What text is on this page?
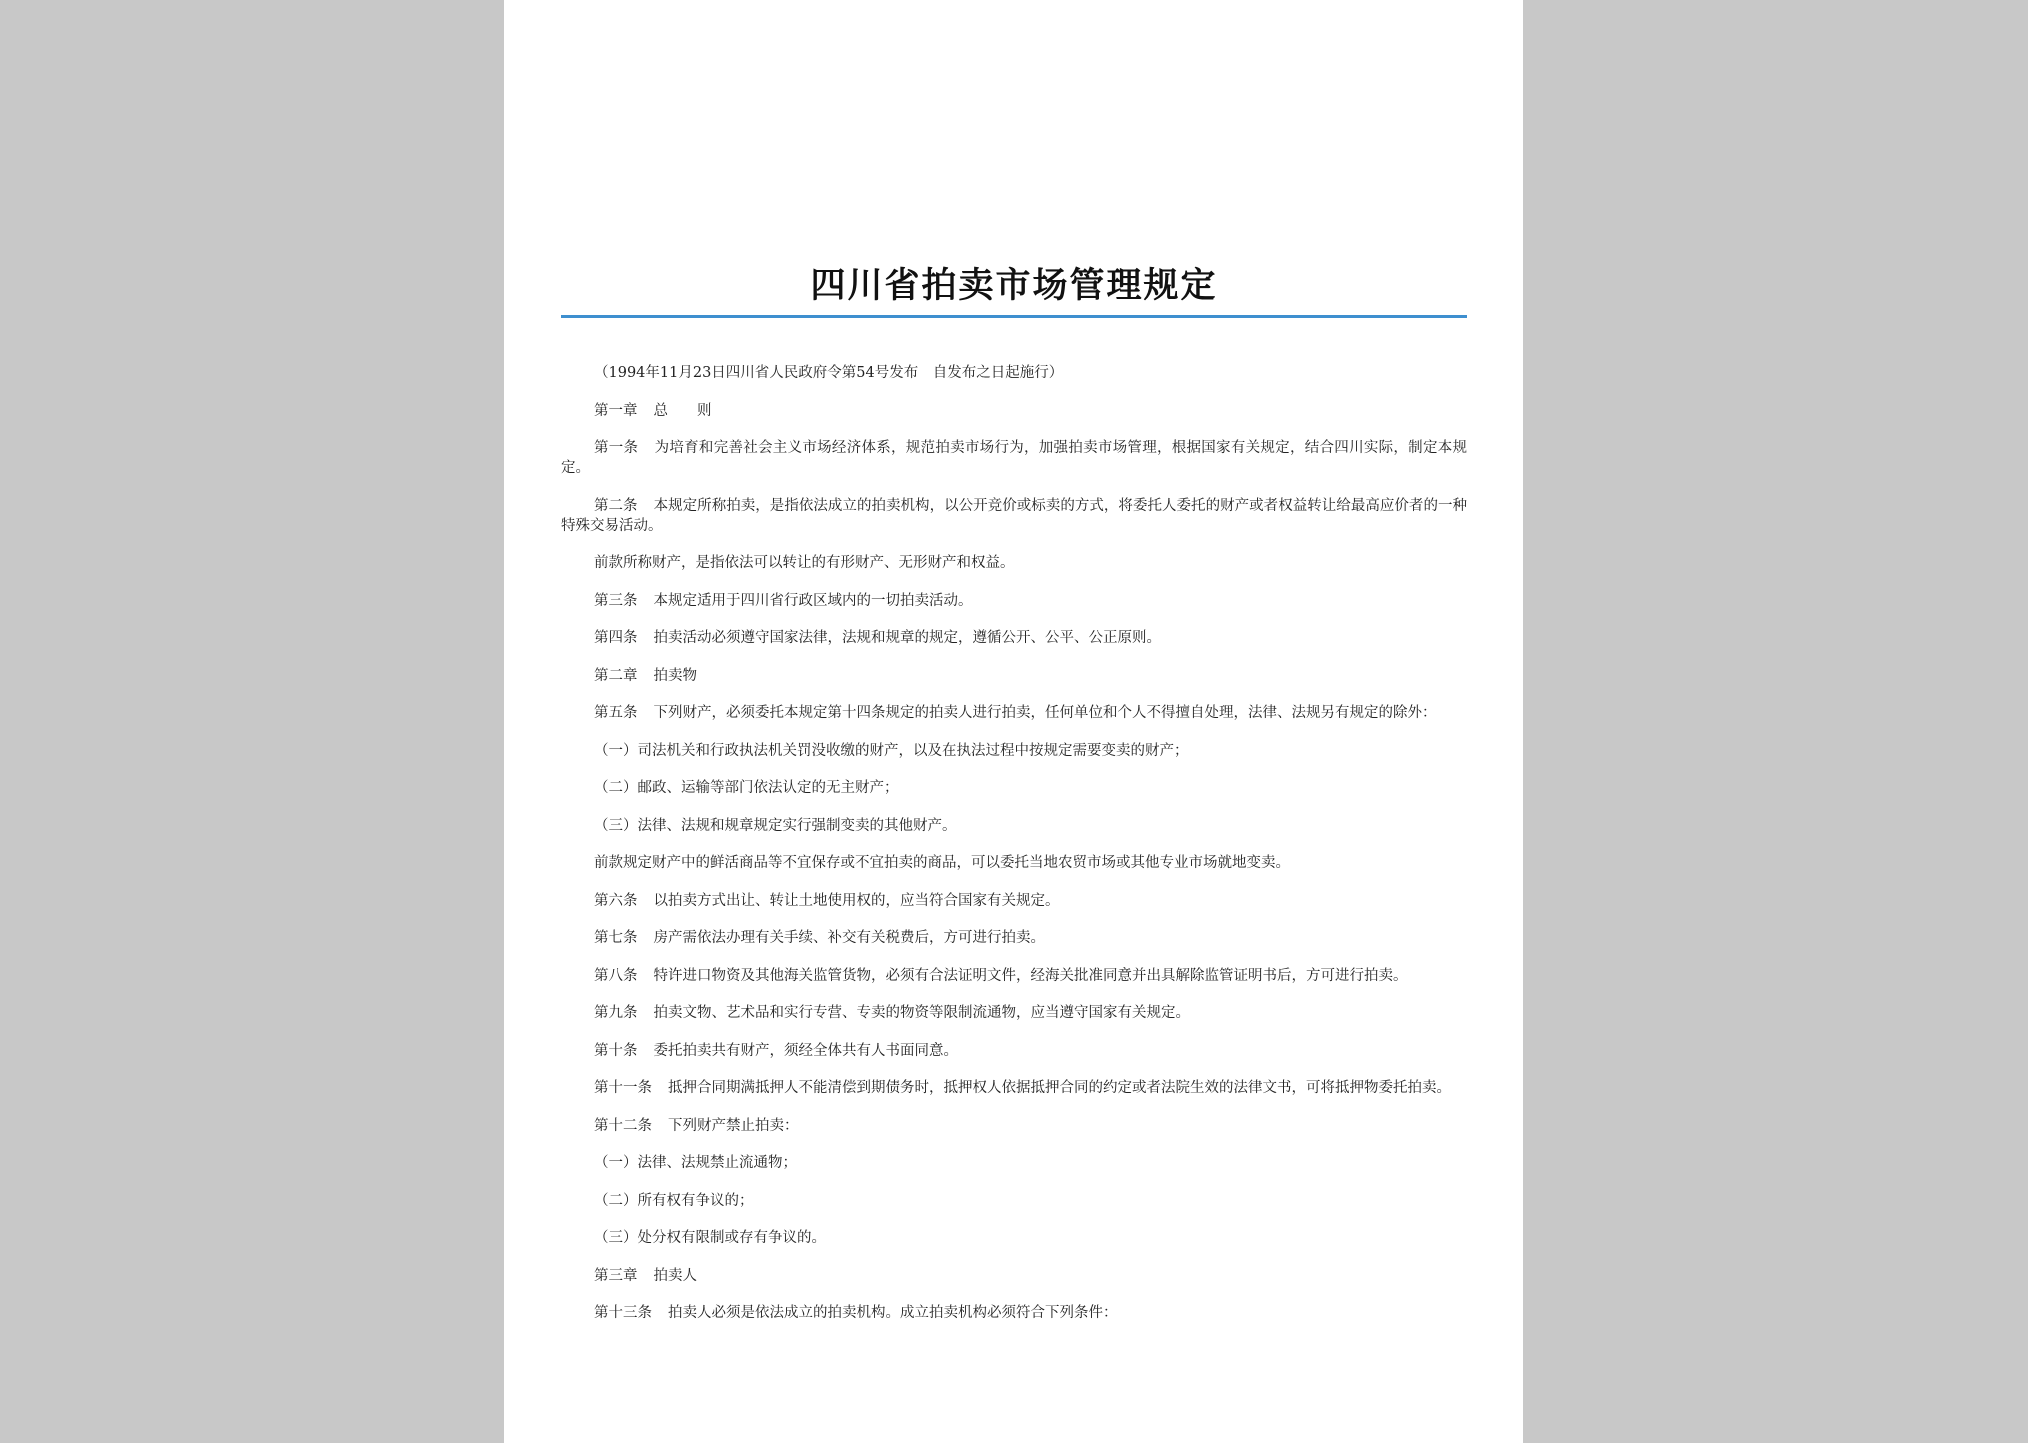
四川省拍卖市场管理规定

（1994年11月23日四川省人民政府令第54号发布　自发布之日起施行）

第一章 总　　则

第一条 为培育和完善社会主义市场经济体系，规范拍卖市场行为，加强拍卖市场管理，根据国家有关规定，结合四川实际，制定本规定。

第二条 本规定所称拍卖，是指依法成立的拍卖机构，以公开竞价或标卖的方式，将委托人委托的财产或者权益转让给最高应价者的一种特殊交易活动。

前款所称财产，是指依法可以转让的有形财产、无形财产和权益。

第三条 本规定适用于四川省行政区域内的一切拍卖活动。

第四条 拍卖活动必须遵守国家法律，法规和规章的规定，遵循公开、公平、公正原则。

第二章 拍卖物

第五条 下列财产，必须委托本规定第十四条规定的拍卖人进行拍卖，任何单位和个人不得擅自处理，法律、法规另有规定的除外：

（一）司法机关和行政执法机关罚没收缴的财产，以及在执法过程中按规定需要变卖的财产；

（二）邮政、运输等部门依法认定的无主财产；

（三）法律、法规和规章规定实行强制变卖的其他财产。

前款规定财产中的鲜活商品等不宜保存或不宜拍卖的商品，可以委托当地农贸市场或其他专业市场就地变卖。

第六条 以拍卖方式出让、转让土地使用权的，应当符合国家有关规定。

第七条 房产需依法办理有关手续、补交有关税费后，方可进行拍卖。

第八条 特许进口物资及其他海关监管货物，必须有合法证明文件，经海关批准同意并出具解除监管证明书后，方可进行拍卖。

第九条 拍卖文物、艺术品和实行专营、专卖的物资等限制流通物，应当遵守国家有关规定。

第十条 委托拍卖共有财产，须经全体共有人书面同意。

第十一条 抵押合同期满抵押人不能清偿到期债务时，抵押权人依据抵押合同的约定或者法院生效的法律文书，可将抵押物委托拍卖。

第十二条 下列财产禁止拍卖：

（一）法律、法规禁止流通物；

（二）所有权有争议的；

（三）处分权有限制或存有争议的。

第三章 拍卖人

第十三条 拍卖人必须是依法成立的拍卖机构。成立拍卖机构必须符合下列条件：
